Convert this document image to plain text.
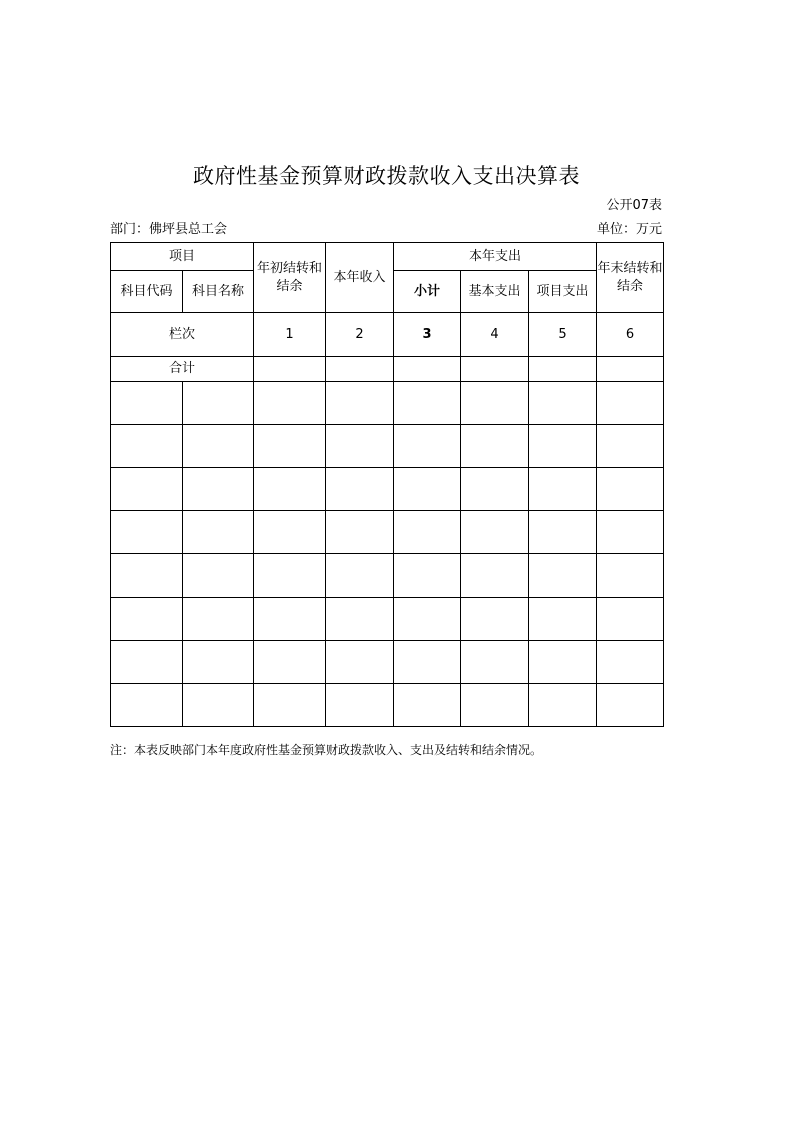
政府性基金预算财政拨款收入支出决算表
公开07表
部门：佛坪县总工会	单位：万元
项目		年初结转和结余	本年收入	本年支出			年末结转和结余
科目代码	科目名称			小计	基本支出	项目支出	
栏次		1	2	3	4	5	6
合计							

注：本表反映部门本年度政府性基金预算财政拨款收入、支出及结转和结余情况。
